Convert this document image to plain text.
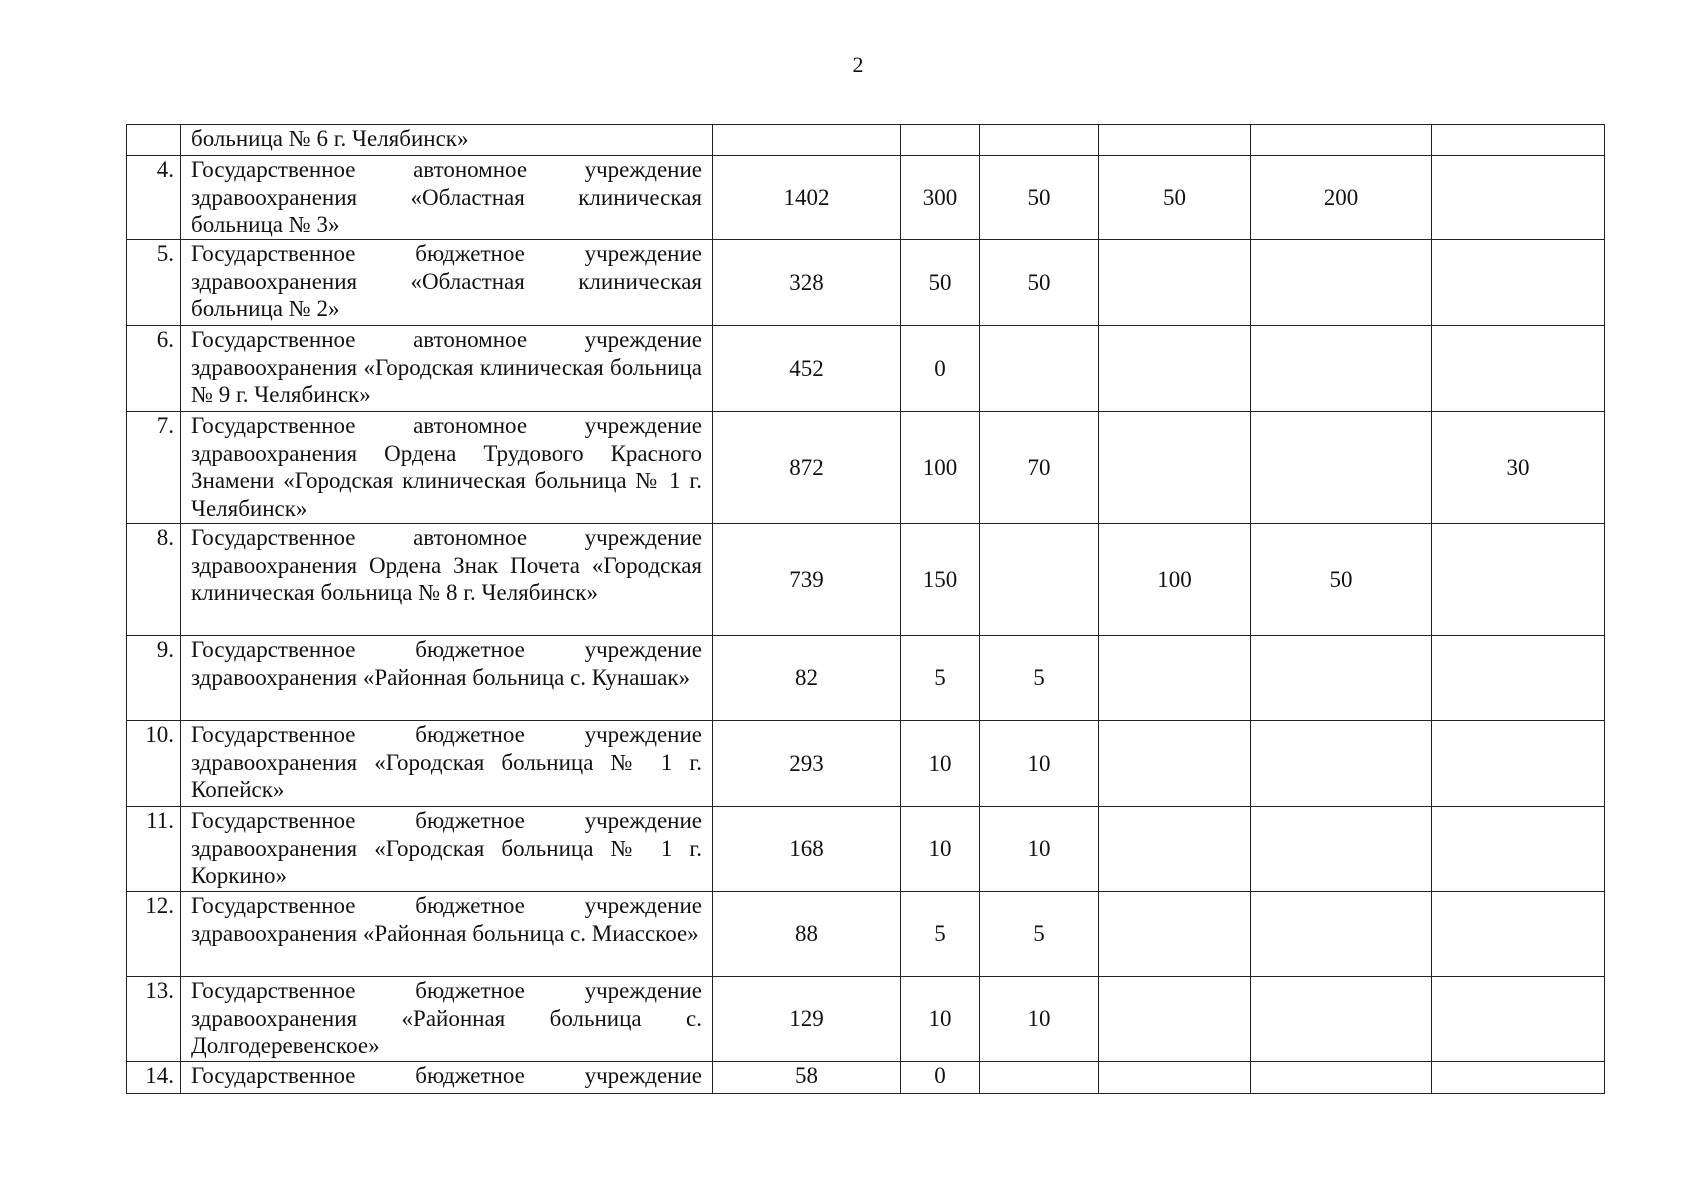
2

	больница № 6 г. Челябинск»						

4.	Государственное автономное учреждение здравоохранения «Областная клиническая больница № 3»	1402	300	50	50	200	
5.	Государственное бюджетное учреждение здравоохранения «Областная клиническая больница № 2»	328	50	50			
6.	Государственное автономное учреждение здравоохранения «Городская клиническая больница № 9 г. Челябинск»	452	0				
7.	Государственное автономное учреждение здравоохранения Ордена Трудового Красного Знамени «Городская клиническая больница № 1 г. Челябинск»	872	100	70			30
8.	Государственное автономное учреждение здравоохранения Ордена Знак Почета «Городская клиническая больница № 8 г. Челябинск»	739	150		100	50	
9.	Государственное бюджетное учреждение здравоохранения «Районная больница с. Кунашак»	82	5	5			
10.	Государственное бюджетное учреждение здравоохранения «Городская больница № 1 г. Копейск»	293	10	10			
11.	Государственное бюджетное учреждение здравоохранения «Городская больница № 1 г. Коркино»	168	10	10			
12.	Государственное бюджетное учреждение здравоохранения «Районная больница с. Миасское»	88	5	5			
13.	Государственное бюджетное учреждение здравоохранения «Районная больница с. Долгодеревенское»	129	10	10			
14.	Государственное бюджетное учреждение	58	0				
